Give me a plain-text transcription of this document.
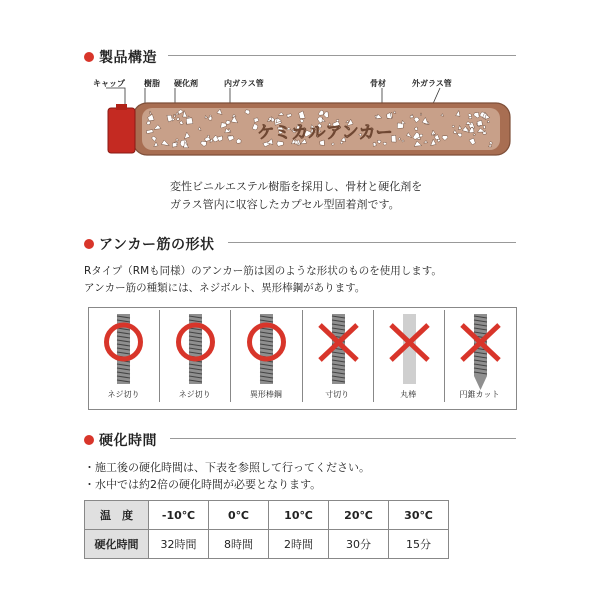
製品構造
キャップ 樹脂 硬化剤	内ガラス管	骨材	外ガラス管
ケミカルアンカー
変性ビニルエステル樹脂を採用し、骨材と硬化剤を
ガラス管内に収容したカプセル型固着剤です。
アンカー筋の形状
Rタイプ（RMも同様）のアンカー筋は図のような形状のものを使用します。
アンカー筋の種類には、ネジボルト、異形棒鋼があります。
ネジ切り	ネジ切り	異形棒鋼	寸切り	丸棒	円錐カット
硬化時間
・施工後の硬化時間は、下表を参照して行ってください。
・水中では約2倍の硬化時間が必要となります。
温　度	-10℃	0℃	10℃	20℃	30℃
硬化時間	32時間	8時間	2時間	30分	15分
